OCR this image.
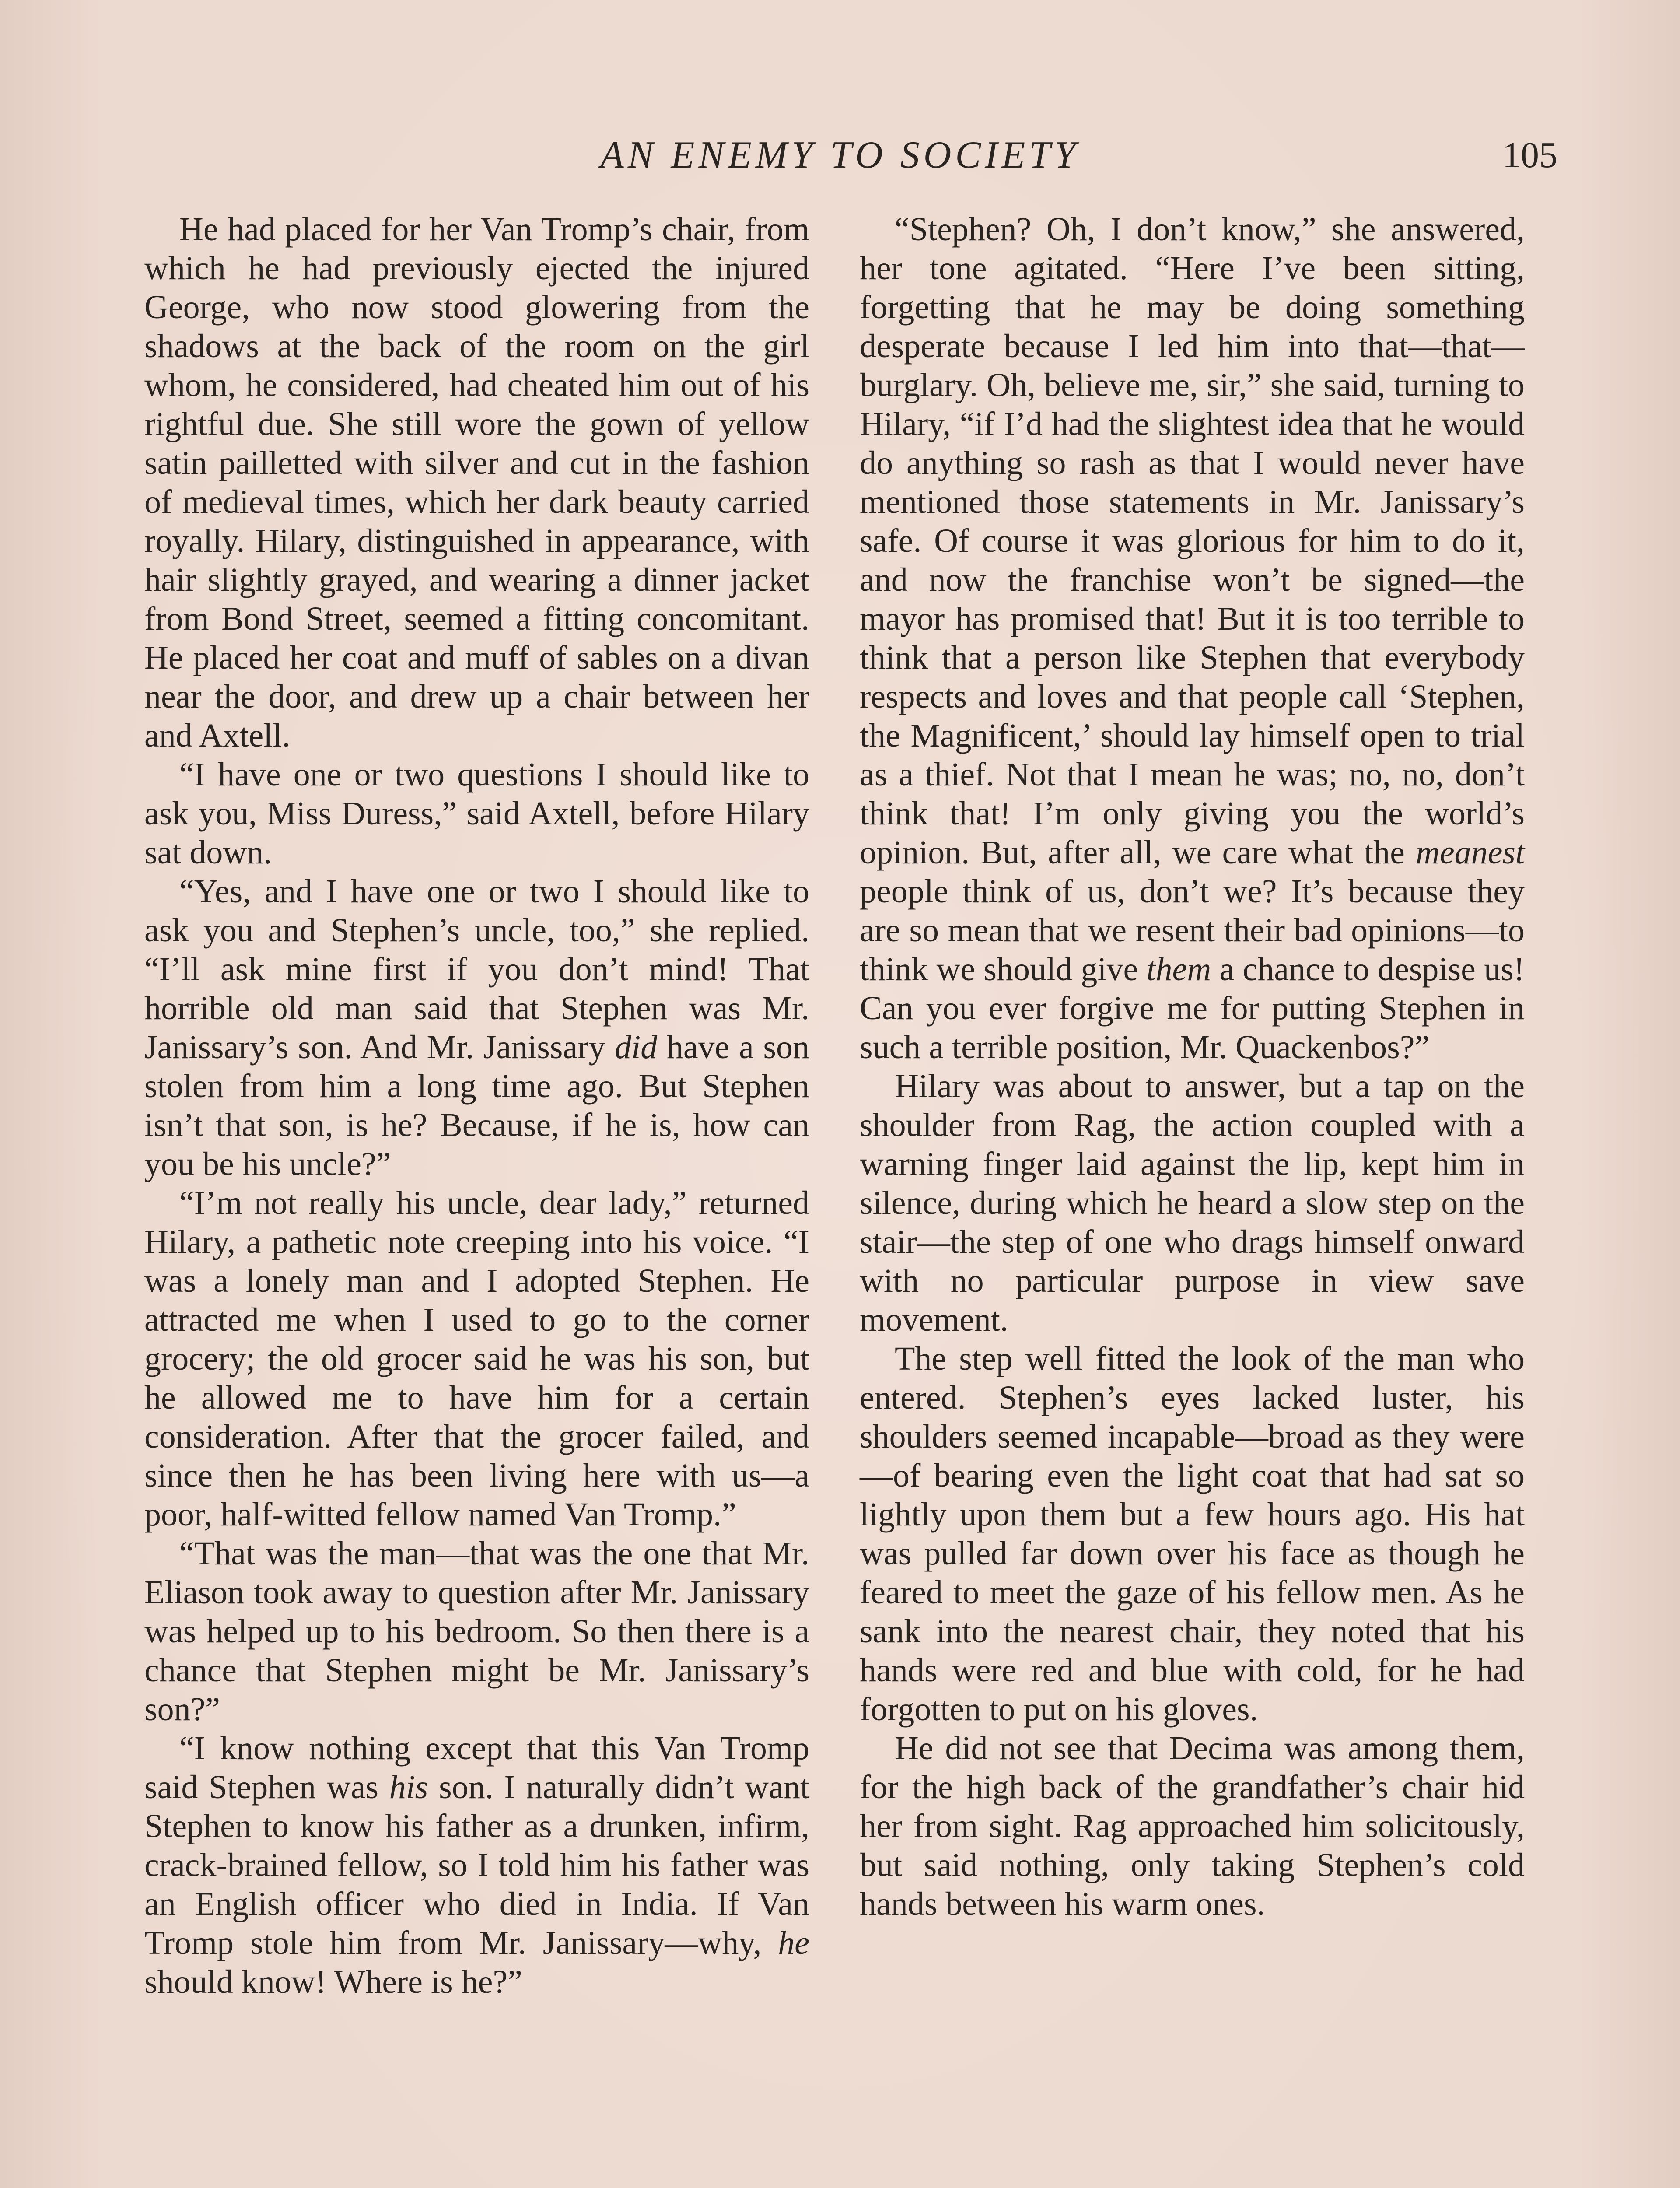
AN ENEMY TO SOCIETY	105

He had placed for her Van Tromp’s chair, from which he had previously ejected the injured George, who now stood glowering from the shadows at the back of the room on the girl whom, he considered, had cheated him out of his rightful due. She still wore the gown of yellow satin pailletted with silver and cut in the fashion of medieval times, which her dark beauty carried royally. Hilary, distinguished in appearance, with hair slightly grayed, and wearing a dinner jacket from Bond Street, seemed a fitting concomitant. He placed her coat and muff of sables on a divan near the door, and drew up a chair between her and Axtell.

“I have one or two questions I should like to ask you, Miss Duress,” said Axtell, before Hilary sat down.

“Yes, and I have one or two I should like to ask you and Stephen’s uncle, too,” she replied. “I’ll ask mine first if you don’t mind! That horrible old man said that Stephen was Mr. Janissary’s son. And Mr. Janissary did have a son stolen from him a long time ago. But Stephen isn’t that son, is he? Because, if he is, how can you be his uncle?”

“I’m not really his uncle, dear lady,” returned Hilary, a pathetic note creeping into his voice. “I was a lonely man and I adopted Stephen. He attracted me when I used to go to the corner grocery; the old grocer said he was his son, but he allowed me to have him for a certain consideration. After that the grocer failed, and since then he has been living here with us—a poor, half-witted fellow named Van Tromp.”

“That was the man—that was the one that Mr. Eliason took away to question after Mr. Janissary was helped up to his bedroom. So then there is a chance that Stephen might be Mr. Janissary’s son?”

“I know nothing except that this Van Tromp said Stephen was his son. I naturally didn’t want Stephen to know his father as a drunken, infirm, crack-brained fellow, so I told him his father was an English officer who died in India. If Van Tromp stole him from Mr. Janissary—why, he should know! Where is he?”

“Stephen? Oh, I don’t know,” she answered, her tone agitated. “Here I’ve been sitting, forgetting that he may be doing something desperate because I led him into that—that—burglary. Oh, believe me, sir,” she said, turning to Hilary, “if I’d had the slightest idea that he would do anything so rash as that I would never have mentioned those statements in Mr. Janissary’s safe. Of course it was glorious for him to do it, and now the franchise won’t be signed—the mayor has promised that! But it is too terrible to think that a person like Stephen that everybody respects and loves and that people call ‘Stephen, the Magnificent,’ should lay himself open to trial as a thief. Not that I mean he was; no, no, don’t think that! I’m only giving you the world’s opinion. But, after all, we care what the meanest people think of us, don’t we? It’s because they are so mean that we resent their bad opinions—to think we should give them a chance to despise us! Can you ever forgive me for putting Stephen in such a terrible position, Mr. Quackenbos?”

Hilary was about to answer, but a tap on the shoulder from Rag, the action coupled with a warning finger laid against the lip, kept him in silence, during which he heard a slow step on the stair—the step of one who drags himself onward with no particular purpose in view save movement.

The step well fitted the look of the man who entered. Stephen’s eyes lacked luster, his shoulders seemed incapable—broad as they were—of bearing even the light coat that had sat so lightly upon them but a few hours ago. His hat was pulled far down over his face as though he feared to meet the gaze of his fellow men. As he sank into the nearest chair, they noted that his hands were red and blue with cold, for he had forgotten to put on his gloves.

He did not see that Decima was among them, for the high back of the grandfather’s chair hid her from sight. Rag approached him solicitously, but said nothing, only taking Stephen’s cold hands between his warm ones.
